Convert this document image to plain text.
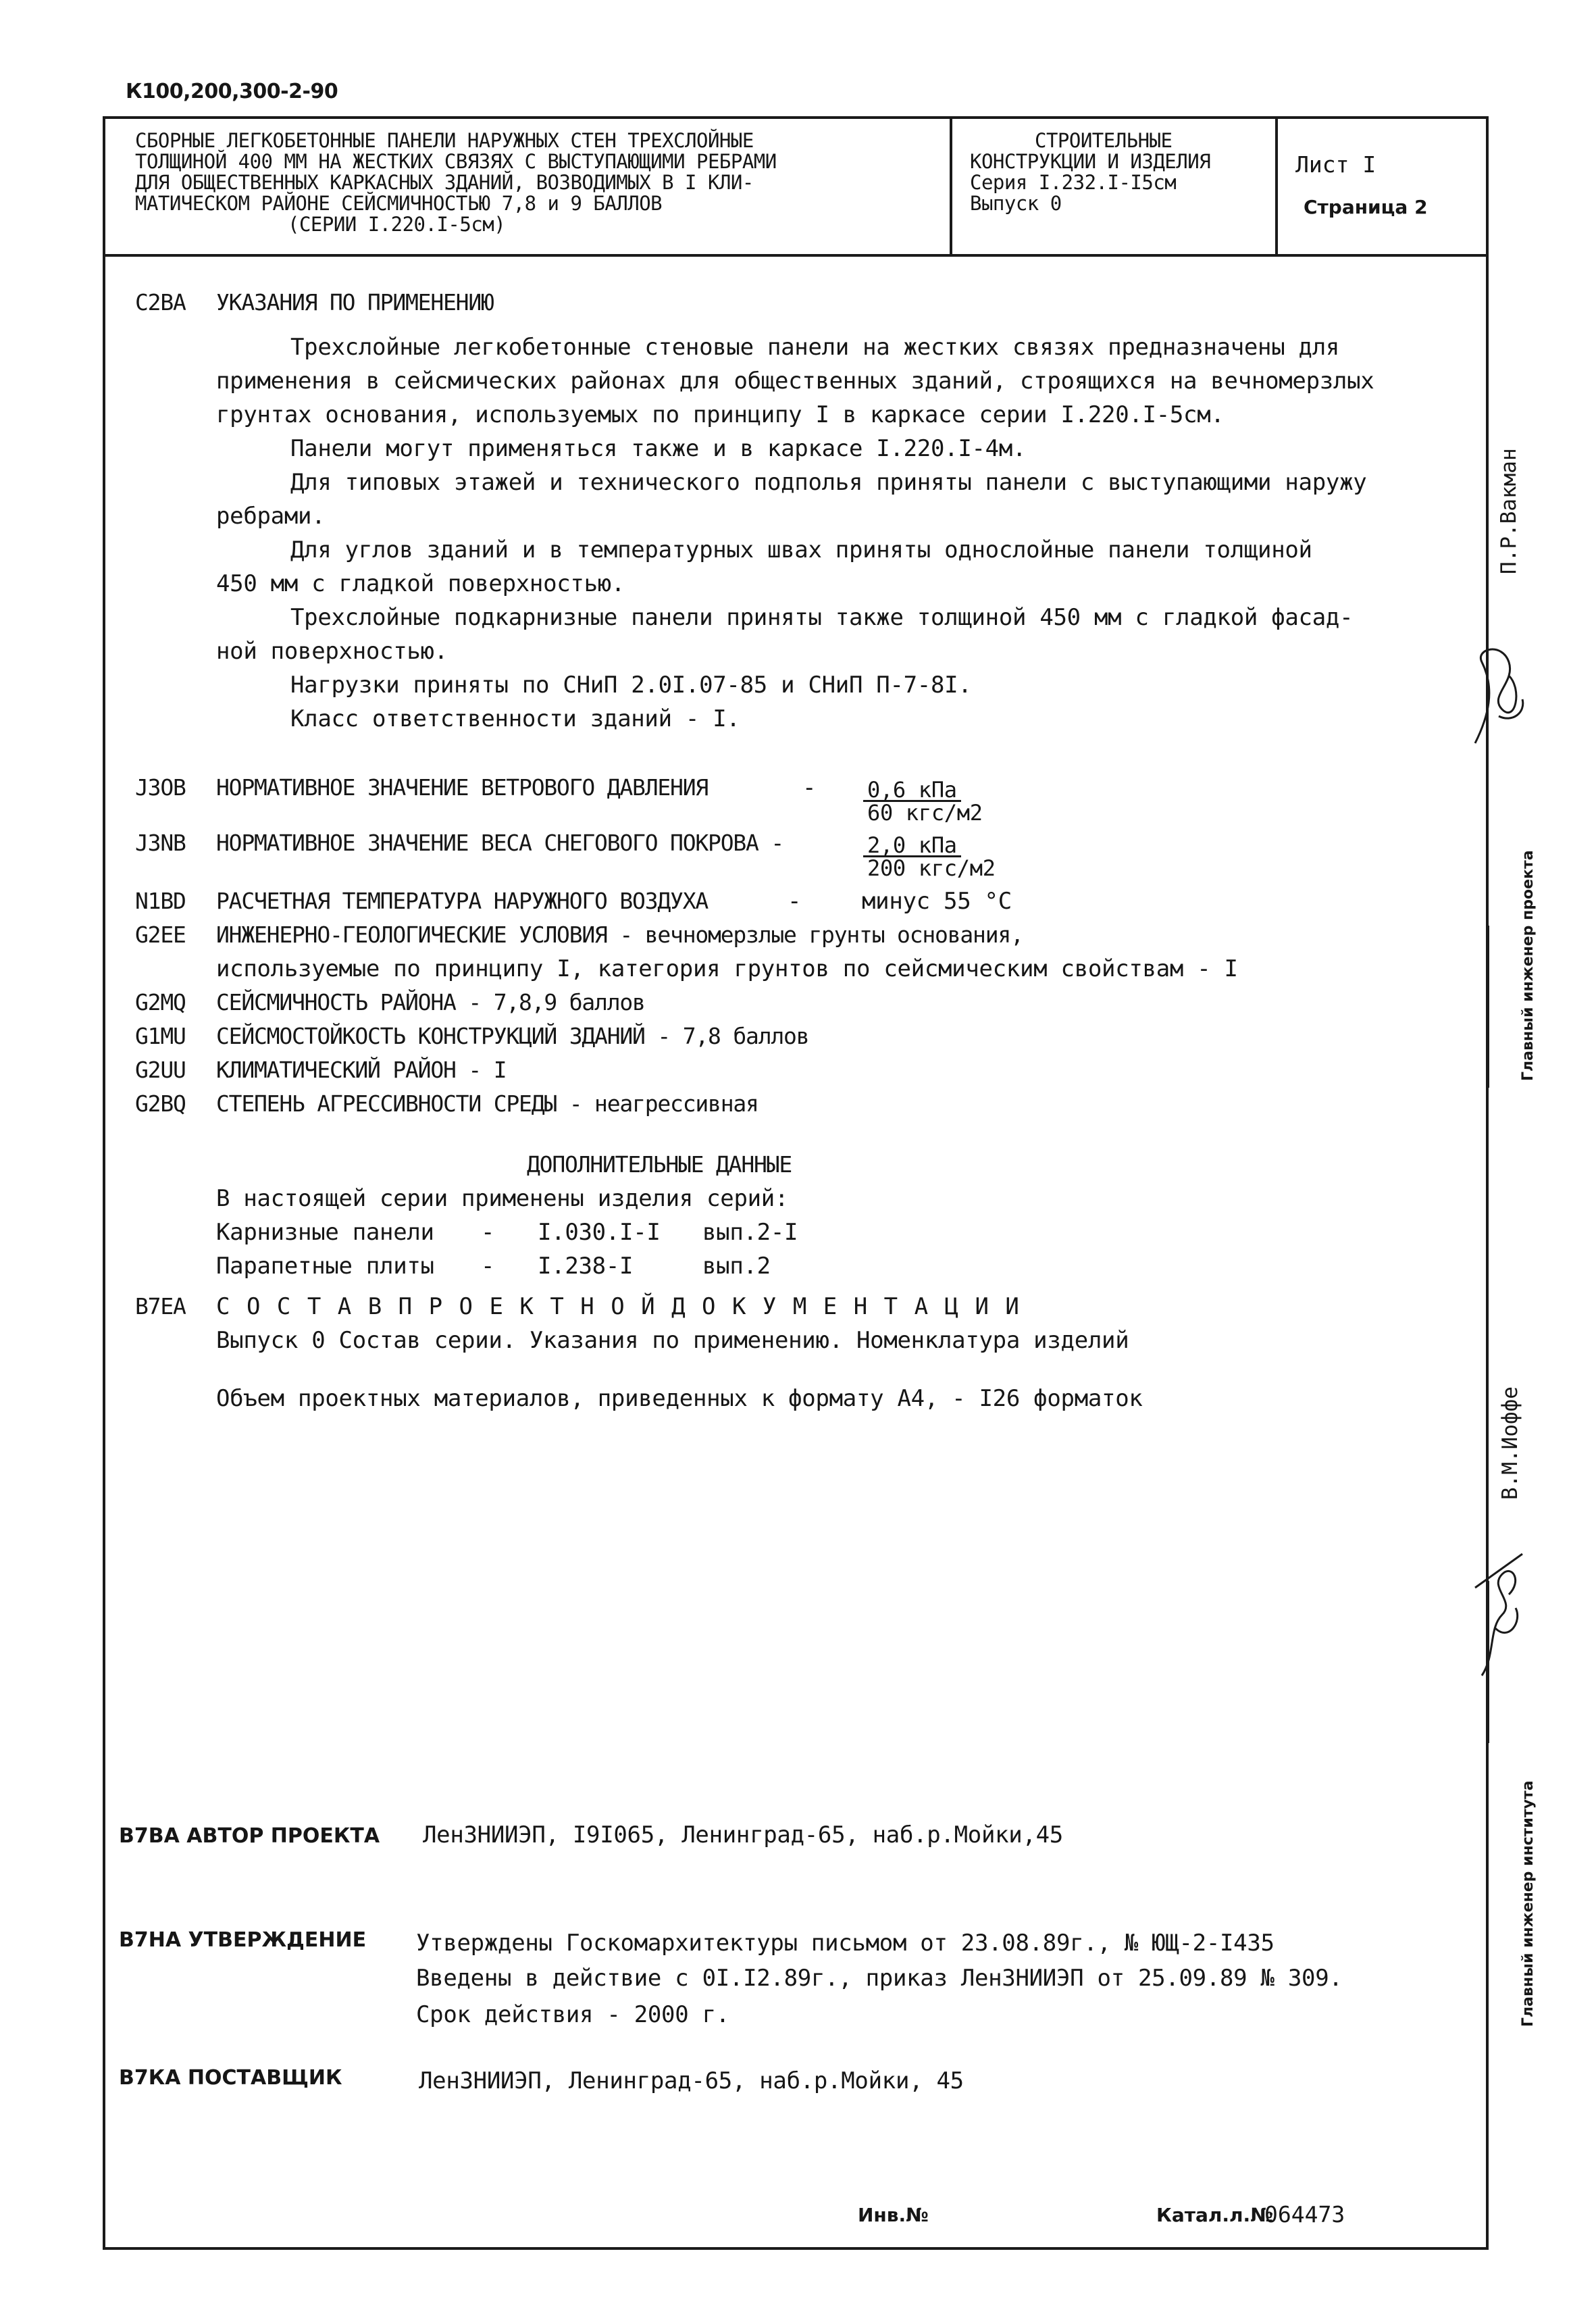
К100,200,300-2-90
СБОРНЫЕ ЛЕГКОБЕТОННЫЕ ПАНЕЛИ НАРУЖНЫХ СТЕН ТРЕХСЛОЙНЫЕ
ТОЛЩИНОЙ 400 ММ НА ЖЕСТКИХ СВЯЗЯХ С ВЫСТУПАЮЩИМИ РЕБРАМИ
ДЛЯ ОБЩЕСТВЕННЫХ КАРКАСНЫХ ЗДАНИЙ, ВОЗВОДИМЫХ В I КЛИ-
МАТИЧЕСКОМ РАЙОНЕ СЕЙСМИЧНОСТЬЮ 7,8 и 9 БАЛЛОВ
(СЕРИИ I.220.I-5см)
СТРОИТЕЛЬНЫЕ
КОНСТРУКЦИИ И ИЗДЕЛИЯ
Серия I.232.I-I5см
Выпуск 0
Лист I
Страница 2
С2ВА УКАЗАНИЯ ПО ПРИМЕНЕНИЮ
Трехслойные легкобетонные стеновые панели на жестких связях предназначены для
применения в сейсмических районах для общественных зданий, строящихся на вечномерзлых
грунтах основания, используемых по принципу I в каркасе серии I.220.I-5см.
Панели могут применяться также и в каркасе I.220.I-4м.
Для типовых этажей и технического подполья приняты панели с выступающими наружу
ребрами.
Для углов зданий и в температурных швах приняты однослойные панели толщиной
450 мм с гладкой поверхностью.
Трехслойные подкарнизные панели приняты также толщиной 450 мм с гладкой фасад-
ной поверхностью.
Нагрузки приняты по СНиП 2.0I.07-85 и СНиП П-7-8I.
Класс ответственности зданий - I.
J3OB НОРМАТИВНОЕ ЗНАЧЕНИЕ ВЕТРОВОГО ДАВЛЕНИЯ	- 0,6 кПа
60 кгс/м2
J3NB НОРМАТИВНОЕ ЗНАЧЕНИЕ ВЕСА СНЕГОВОГО ПОКРОВА -	2,0 кПа
200 кгс/м2
N1BD РАСЧЕТНАЯ ТЕМПЕРАТУРА НАРУЖНОГО ВОЗДУХА	-	минус 55 °С
G2EE ИНЖЕНЕРНО-ГЕОЛОГИЧЕСКИЕ УСЛОВИЯ - вечномерзлые грунты основания,
используемые по принципу I, категория грунтов по сейсмическим свойствам - I
G2MQ СЕЙСМИЧНОСТЬ РАЙОНА - 7,8,9 баллов
G1MU СЕЙСМОСТОЙКОСТЬ КОНСТРУКЦИЙ ЗДАНИЙ - 7,8 баллов
G2UU КЛИМАТИЧЕСКИЙ РАЙОН - I
G2BQ СТЕПЕНЬ АГРЕССИВНОСТИ СРЕДЫ - неагрессивная
ДОПОЛНИТЕЛЬНЫЕ ДАННЫЕ
В настоящей серии применены изделия серий:
Карнизные панели - I.030.I-I вып.2-I
Парапетные плиты - I.238-I	вып.2
B7EA С О С Т А В П Р О Е К Т Н О Й Д О К У М Е Н Т А Ц И И
Выпуск 0 Состав серии. Указания по применению. Номенклатура изделий
Объем проектных материалов, приведенных к формату А4, - I26 форматок
В7ВА АВТОР ПРОЕКТА ЛенЗНИИЭП, I9I065, Ленинград-65, наб.р.Мойки,45
В7НА УТВЕРЖДЕНИЕ Утверждены Госкомархитектуры письмом от 23.08.89г., № ЮЩ-2-I435
Введены в действие с 0I.I2.89г., приказ ЛенЗНИИЭП от 25.09.89 № 309.
Срок действия - 2000 г.
В7КА ПОСТАВЩИК	ЛенЗНИИЭП, Ленинград-65, наб.р.Мойки, 45
Инв.№	Катал.л.№
064473
П.Р.Вакман
Главный инженер проекта
В.М.Иоффе
Главный инженер института
